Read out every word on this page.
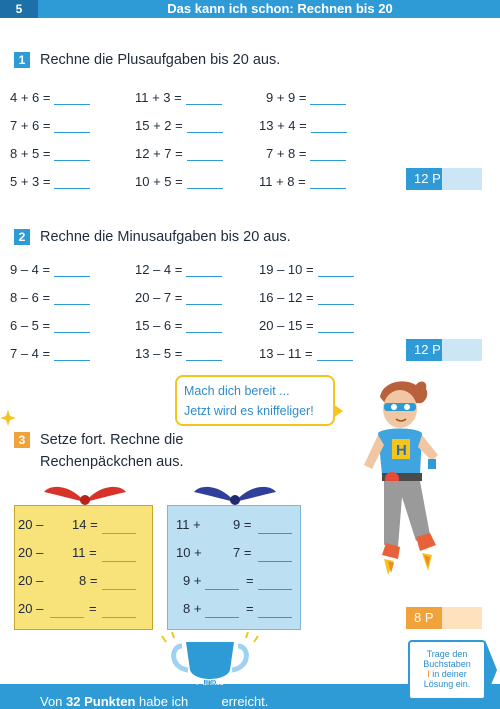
5	Das kann ich schon: Rechnen bis 20
1	Rechne die Plusaufgaben bis 20 aus.
4 + 6 =	11 + 3 =	9 + 9 =
7 + 6 =	15 + 2 =	13 + 4 =
8 + 5 =	12 + 7 =	7 + 8 =
5 + 3 =	10 + 5 =	11 + 8 =	12 P
2	Rechne die Minusaufgaben bis 20 aus.
9 – 4 =	12 – 4 =	19 – 10 =
8 – 6 =	20 – 7 =	16 – 12 =
6 – 5 =	15 – 6 =	20 – 15 =
7 – 4 =	13 – 5 =	13 – 11 =	12 P
Mach dich bereit ...
Jetzt wird es kniffeliger!
H
3	Setze fort. Rechne die
Rechenpäckchen aus.
20 – 14 =
20 – 11 =
20 –	8 =
20 –	=
11 + 9 =
10 + 7 =
9 +	=
8 +	=
8 P
Punkte
Von 32 Punkten habe ich	erreicht.
Trage den
Buchstaben
I in deiner
Lösung ein.
